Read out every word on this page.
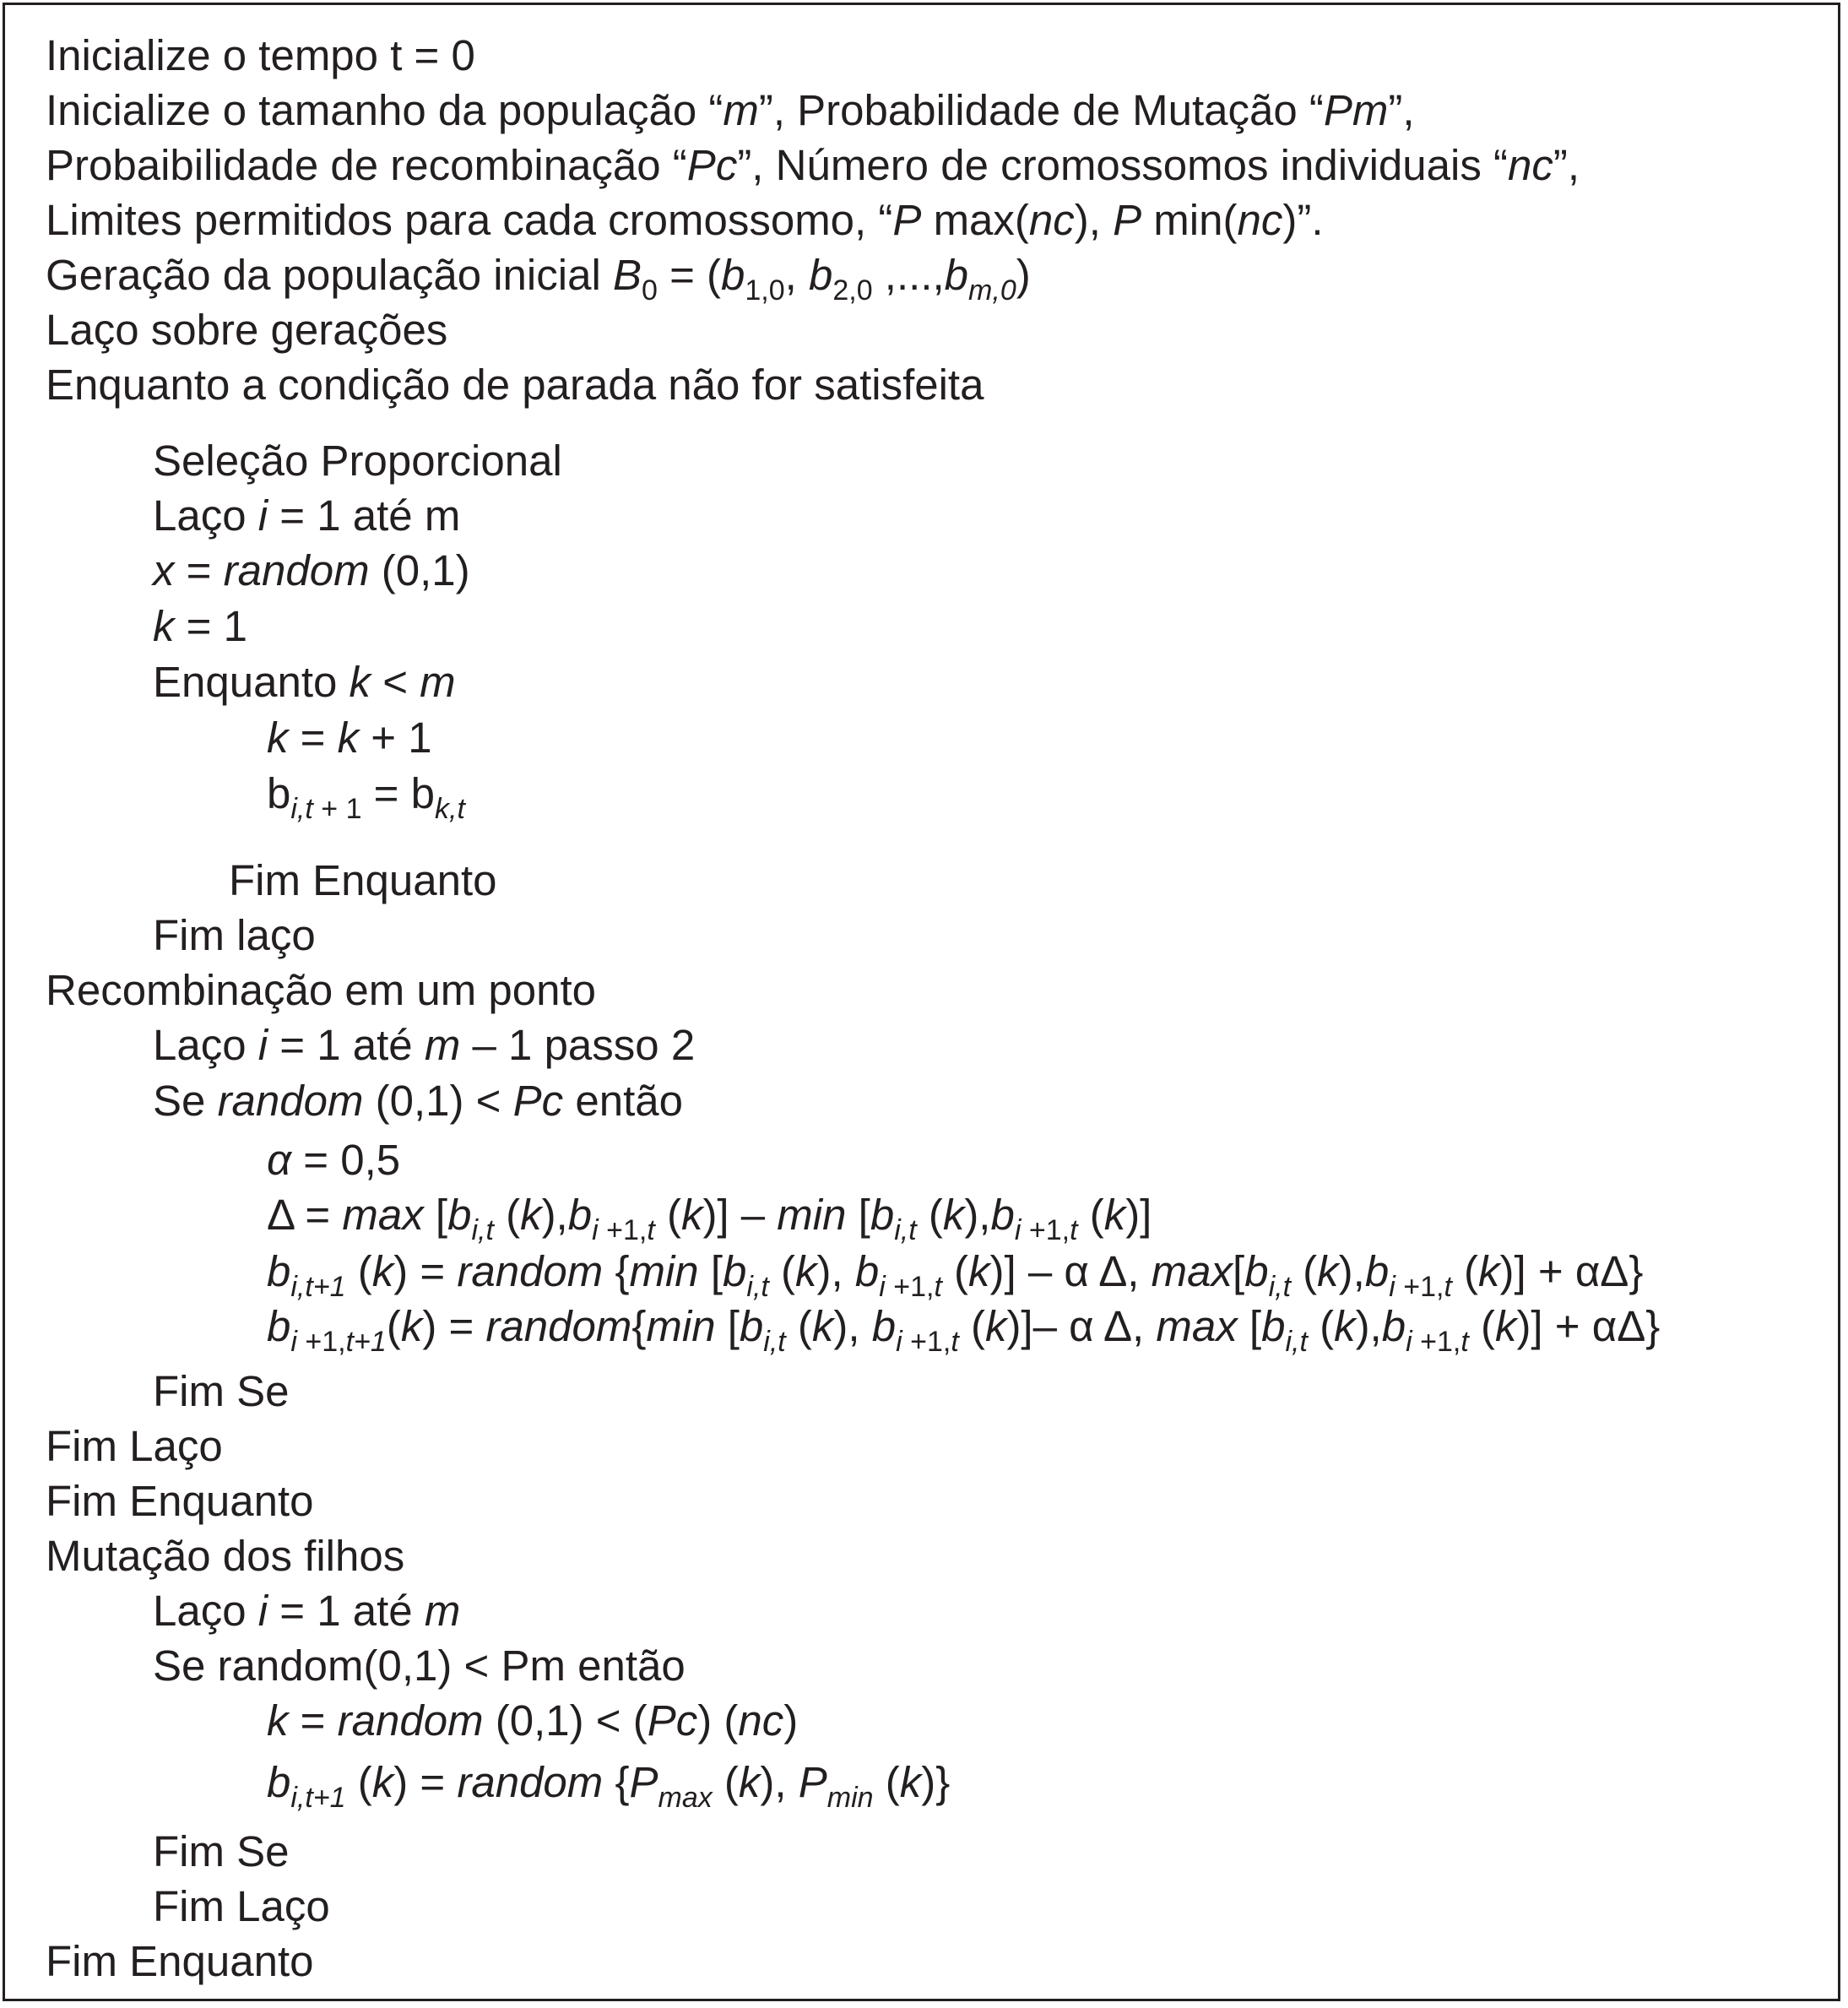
Inicialize o tempo t = 0
Inicialize o tamanho da população “m”, Probabilidade de Mutação “Pm”,
Probaibilidade de recombinação “Pc”, Número de cromossomos individuais “nc”,
Limites permitidos para cada cromossomo, “P max(nc), P min(nc)”.
Geração da população inicial $B_0 = (b_{1,0}$, $b_{2,0}$ $,...,b_{m,0}$)
Laço sobre gerações
Enquanto a condição de parada não for satisfeita
Seleção Proporcional
Laço i = 1 até m
x = random (0,1)
k = 1
Enquanto k < m
k = k + 1
$b_{i,t + 1} = b_{k,t}$
Fim Enquanto
Fim laço
Recombinação em um ponto
Laço i = 1 até m – 1 passo 2
Se random (0,1) < Pc então
α = 0,5
$\Delta = \max [b_{i,t}$ $(k),b_{i +1,t}$ $(k)] - \min [b_{i,t}$ $(k),b_{i +1,t}$ (k)]
$b_{i,t+1}$ (k) = random {min [$b_{i,t}$ (k), $b_{i +1,t}$ (k)] – α Δ, $\max[b_{i,t}$ $(k),b_{i +1,t}$ (k)] + αΔ}
$b_{i +1,t+1}(k)$ = random{min [$b_{i,t}$ (k), $b_{i +1,t}$ (k)]– α Δ, $\max [b_{i,t}$ $(k),b_{i +1,t}$ (k)] + αΔ}
Fim Se
Fim Laço
Fim Enquanto
Mutação dos filhos
Laço i = 1 até m
Se random(0,1) < Pm então
k = random (0,1) < (Pc) (nc)
$b_{i,t+1}$ (k) = random {$P_{max}$ (k), $P_{min}$ (k)}
Fim Se
Fim Laço
Fim Enquanto
